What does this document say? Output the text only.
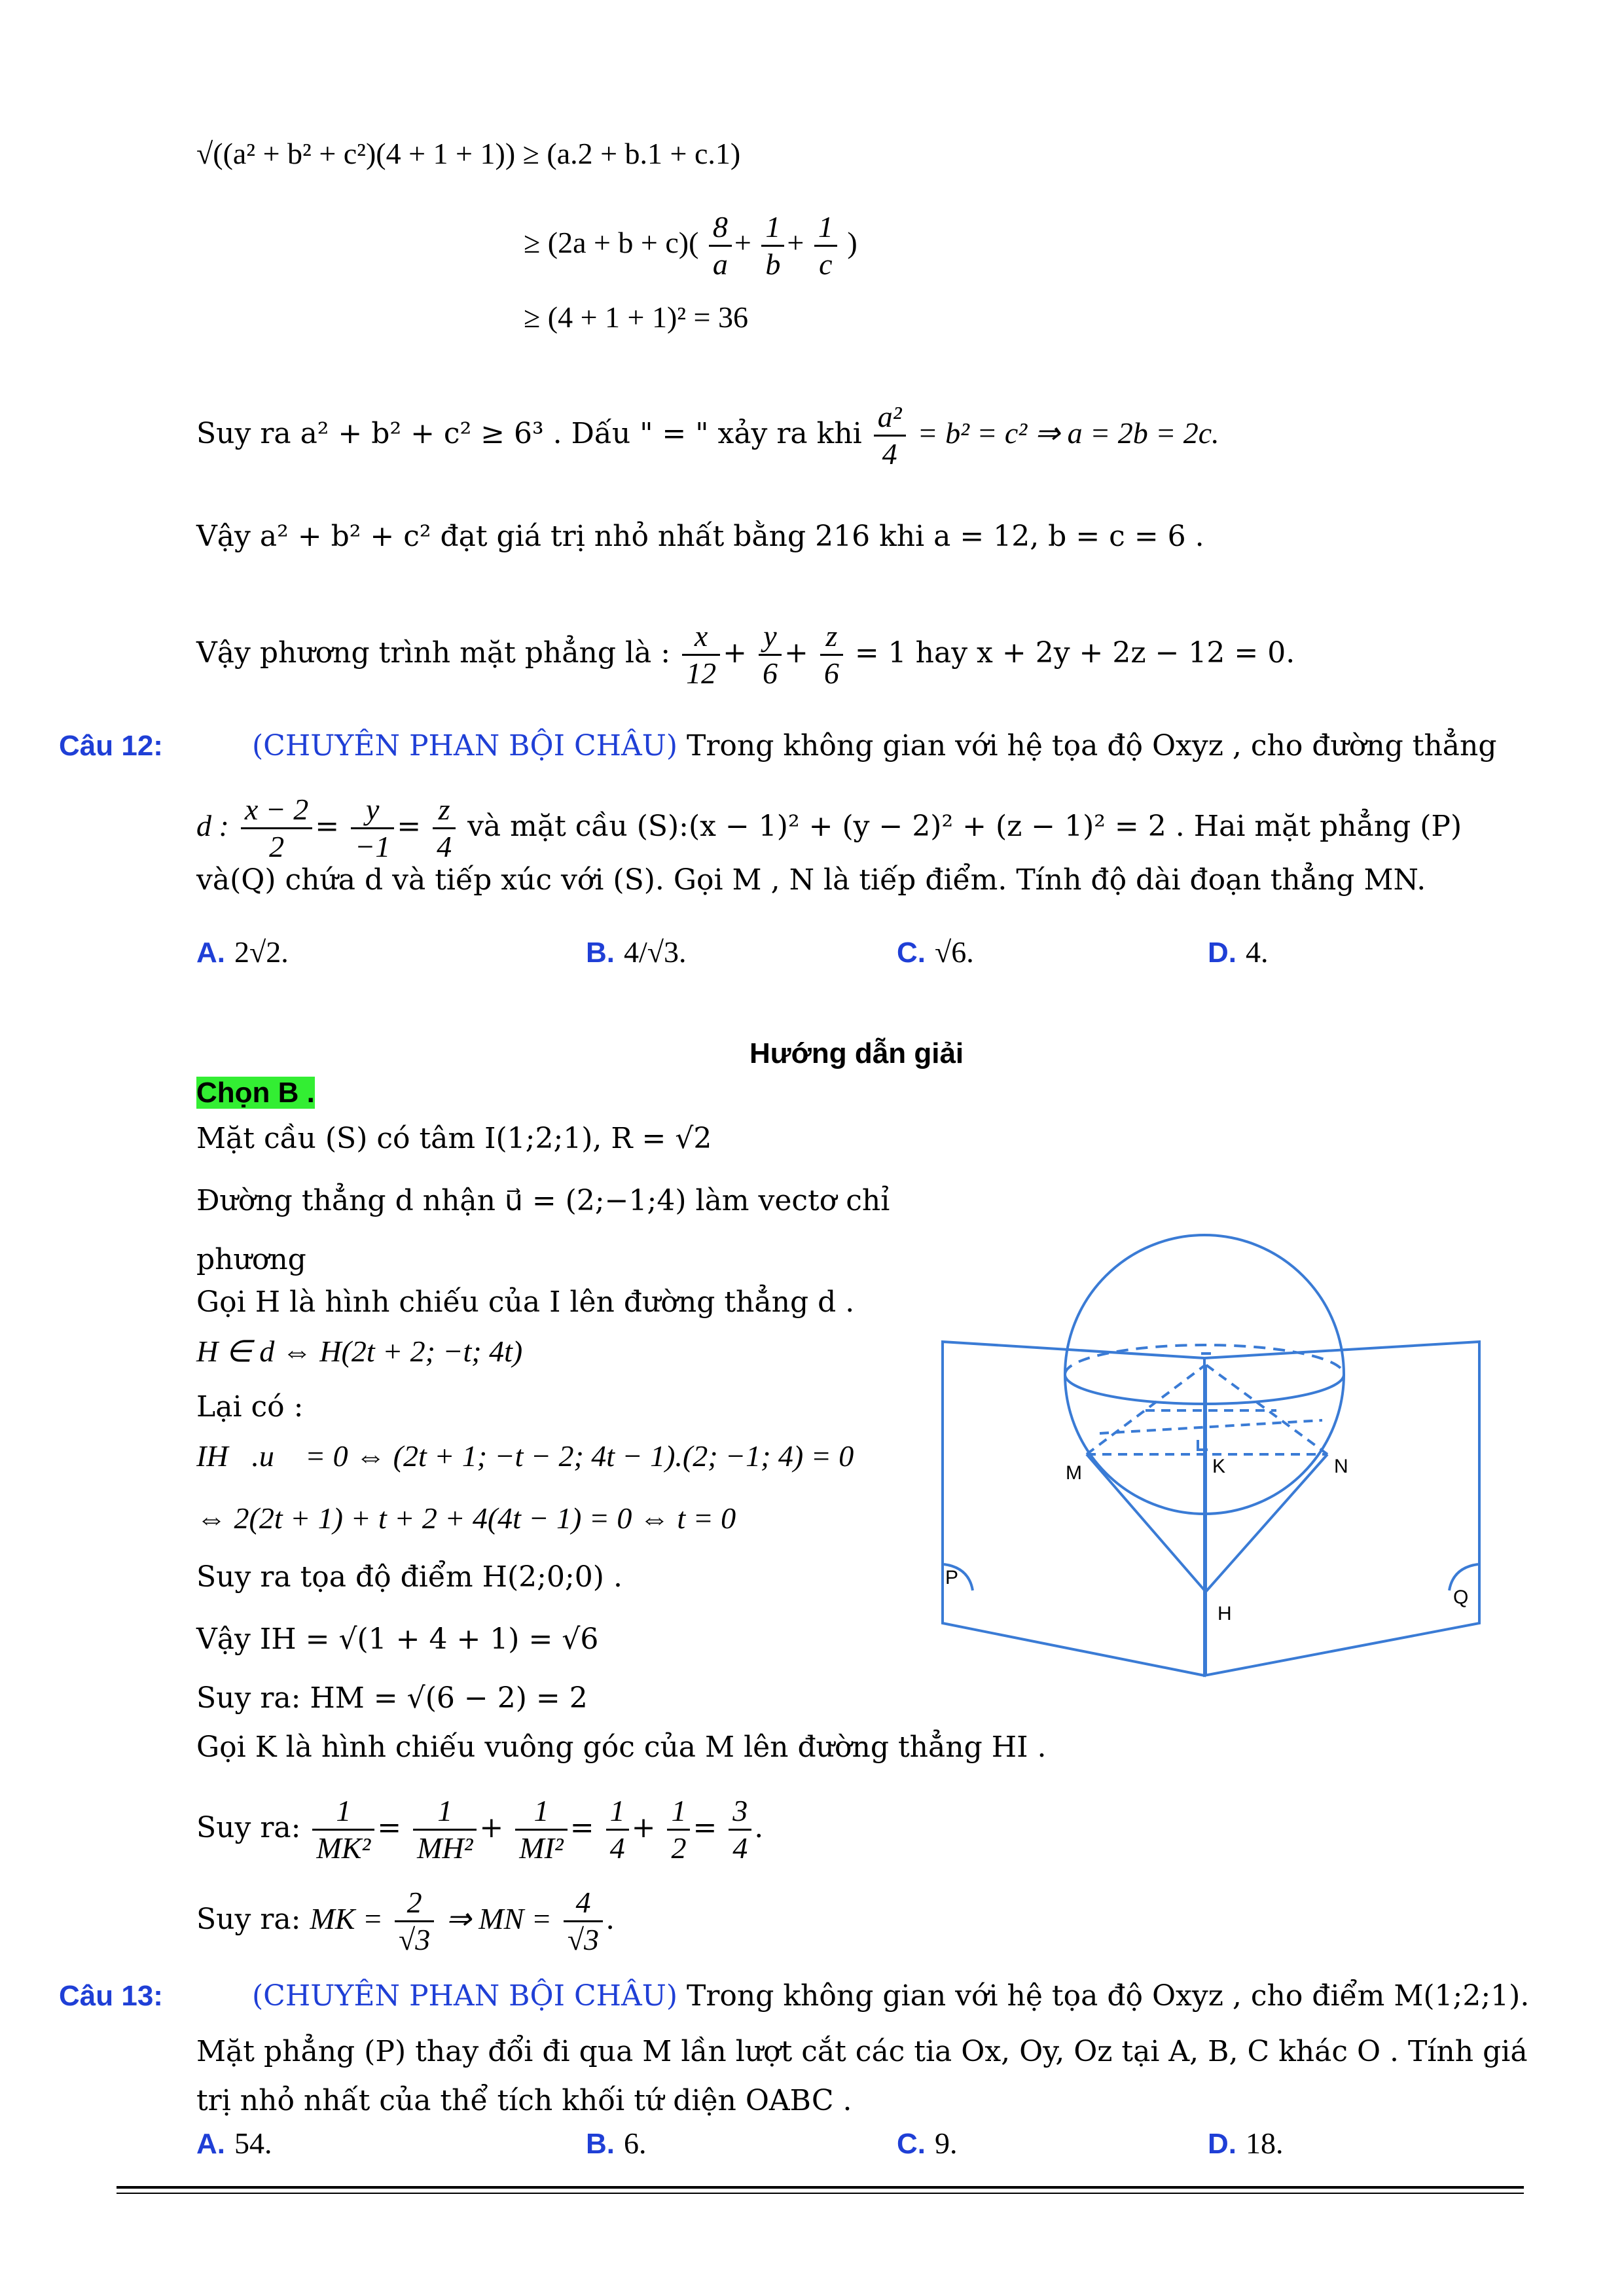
√((a² + b² + c²)(4 + 1 + 1)) ≥ (a.2 + b.1 + c.1)
≥ $(2a + b + c)( \frac{8}{a} + \frac{1}{b} + \frac{1}{c}$ )
≥ (4 + 1 + 1)² = 36
Suy ra a² + b² + c² ≥ 6³ . Dấu " = " xảy ra khi $\frac{\text{a²}}{4} = b^2 = c^2$ ⇒ a = 2b = 2c.
Vậy a² + b² + c² đạt giá trị nhỏ nhất bằng 216 khi a = 12, b = c = 6 .
Vậy phương trình mặt phẳng là : $\frac{x}{12} + \frac{y}{6} + \frac{z}{6} = 1$ hay x + 2y + 2z − 12 = 0.
Câu 12:	(CHUYÊN PHAN BỘI CHÂU) Trong không gian với hệ tọa độ Oxyz , cho đường thẳng
d : $\frac{x - 2}{2} = \frac{y}{-1} = \frac{z}{4}$ và mặt cầu (S):(x − 1)² + (y − 2)² + (z − 1)² = 2 . Hai mặt phẳng (P)
và(Q) chứa d và tiếp xúc với (S). Gọi M , N là tiếp điểm. Tính độ dài đoạn thẳng MN.
A. 2√2.	B. 4/√3.	C. √6.	D. 4.
Hướng dẫn giải
Chọn B .
Mặt cầu (S) có tâm I(1;2;1), R = √2
Đường thẳng d nhận u⃗ = (2;−1;4) làm vectơ chỉ
phương
Gọi H là hình chiếu của I lên đường thẳng d .
H ∈ d ⇔ H(2t + 2; −t; 4t)
Lại có :
IH⃗.u⃗ = 0 ⇔ (2t + 1; −t − 2; 4t − 1).(2; −1; 4) = 0
⇔ 2(2t + 1) + t + 2 + 4(4t − 1) = 0 ⇔ t = 0
Suy ra tọa độ điểm H(2;0;0) .
Vậy IH = √(1 + 4 + 1) = √6
Suy ra: HM = √(6 − 2) = 2
Gọi K là hình chiếu vuông góc của M lên đường thẳng HI .
Suy ra: $\frac{1}{\text{MK²}} = \frac{1}{\text{MH²}} + \frac{1}{\text{MI²}} = \frac{1}{4} + \frac{1}{2} = \frac{3}{4}$ .
Suy ra: MK = $\frac{2}{√3}$ ⇒ MN = $\frac{4}{√3}$ .
M	K	N
H
P
Q
Câu 13:	(CHUYÊN PHAN BỘI CHÂU) Trong không gian với hệ tọa độ Oxyz , cho điểm M(1;2;1).
Mặt phẳng (P) thay đổi đi qua M lần lượt cắt các tia Ox, Oy, Oz tại A, B, C khác O . Tính giá
trị nhỏ nhất của thể tích khối tứ diện OABC .
A. 54.	B. 6.	C. 9.	D. 18.
